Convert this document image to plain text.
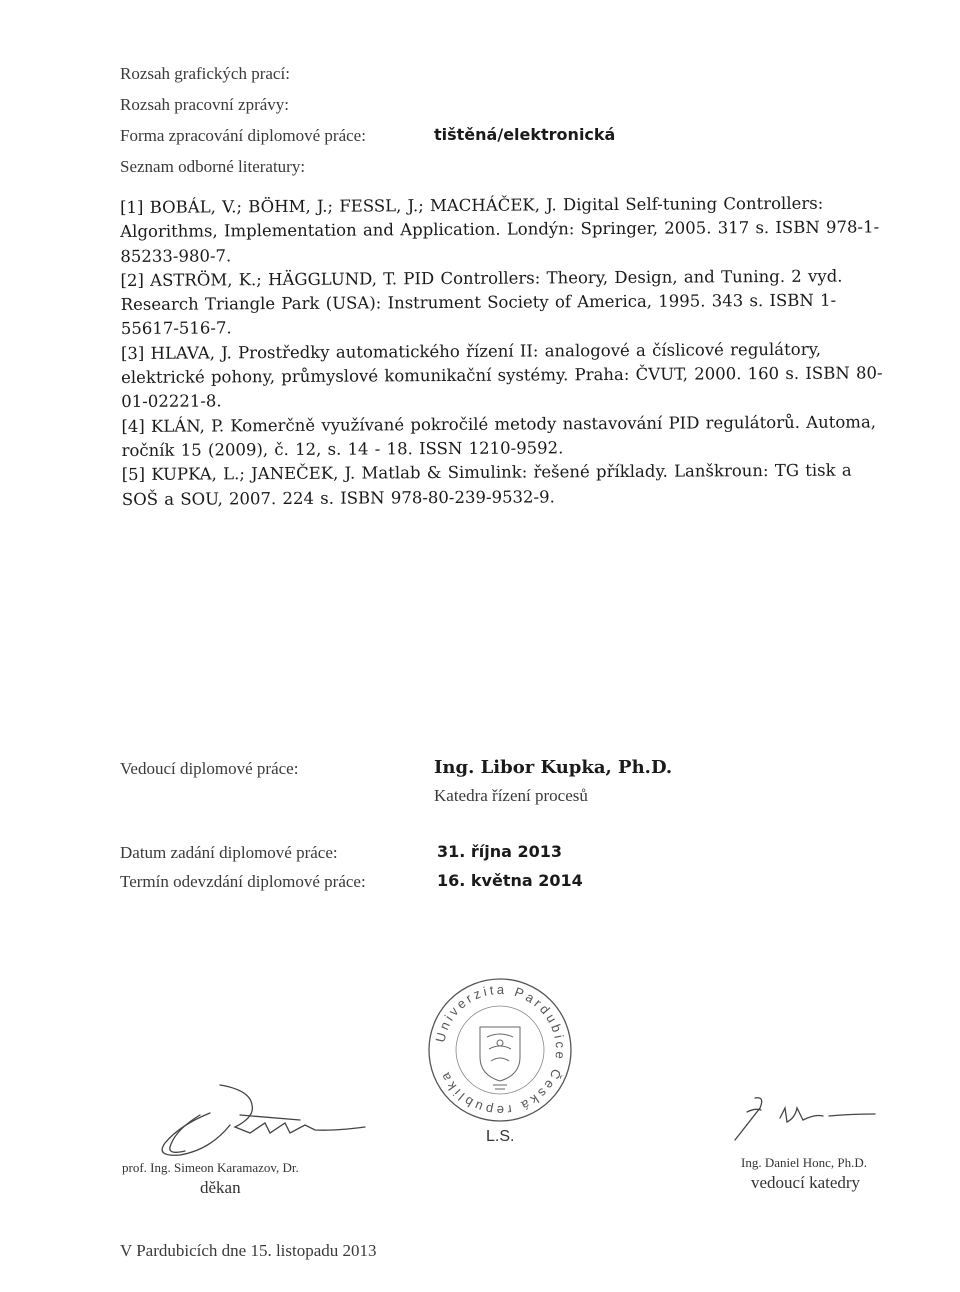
Rozsah grafických prací:
Rozsah pracovní zprávy:
Forma zpracování diplomové práce:	tištěná/elektronická
Seznam odborné literatury:

[1] BOBÁL, V.; BÖHM, J.; FESSL, J.; MACHÁČEK, J. Digital Self-tuning Controllers: Algorithms, Implementation and Application. Londýn: Springer, 2005. 317 s. ISBN 978-1-85233-980-7.

[2] ASTRÖM, K.; HÄGGLUND, T. PID Controllers: Theory, Design, and Tuning. 2 vyd. Research Triangle Park (USA): Instrument Society of America, 1995. 343 s. ISBN 1-55617-516-7.

[3] HLAVA, J. Prostředky automatického řízení II: analogové a číslicové regulátory, elektrické pohony, průmyslové komunikační systémy. Praha: ČVUT, 2000. 160 s. ISBN 80-01-02221-8.

[4] KLÁN, P. Komerčně využívané pokročilé metody nastavování PID regulátorů. Automa, ročník 15 (2009), č. 12, s. 14 - 18. ISSN 1210-9592.

[5] KUPKA, L.; JANEČEK, J. Matlab & Simulink: řešené příklady. Lanškroun: TG tisk a SOŠ a SOU, 2007. 224 s. ISBN 978-80-239-9532-9.

Vedoucí diplomové práce:	Ing. Libor Kupka, Ph.D.
Katedra řízení procesů
Datum zadání diplomové práce:	31. října 2013
Termín odevzdání diplomové práce:	16. května 2014
Univerzita Pardubice Česká republika
L.S.
prof. Ing. Simeon Karamazov, Dr.
děkan
Ing. Daniel Honc, Ph.D.
vedoucí katedry
V Pardubicích dne 15. listopadu 2013
